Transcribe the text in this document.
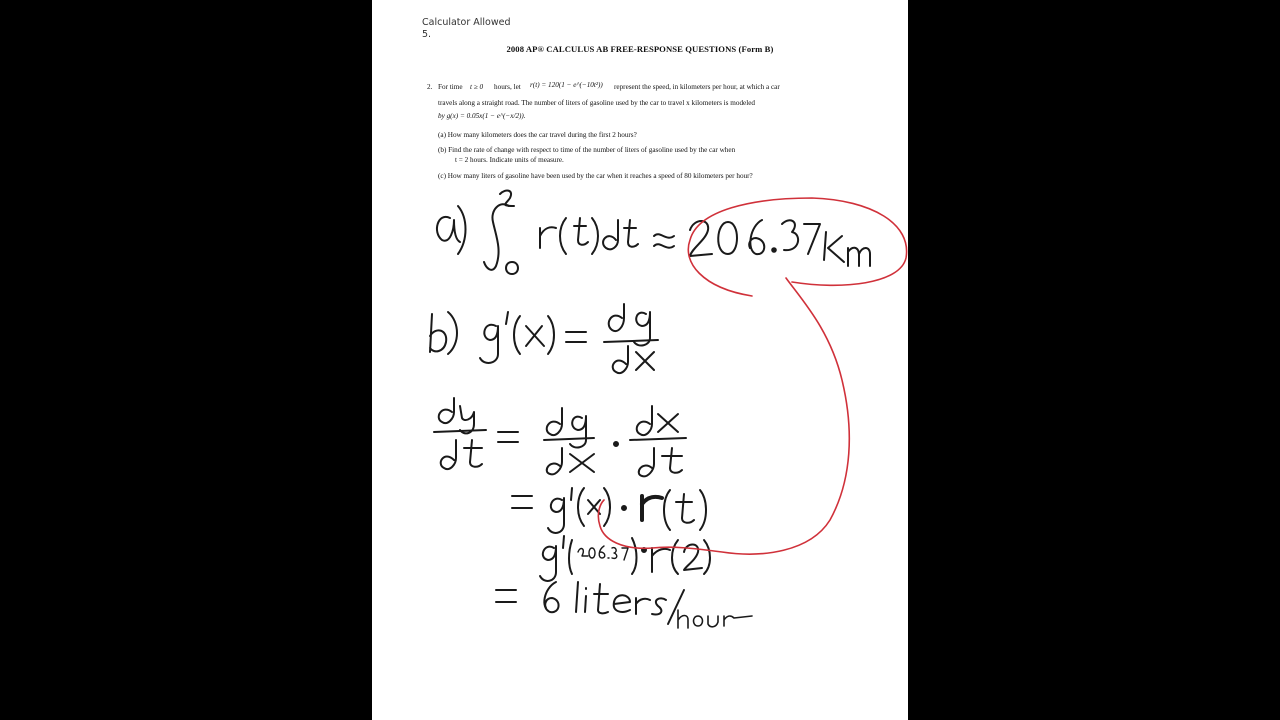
Calculator Allowed
5.
2008 AP® CALCULUS AB FREE-RESPONSE QUESTIONS (Form B)
2. For time t ≥ 0 hours, let r(t) = 120(1 − e^(−10t²)) represent the speed, in kilometers per hour, at which a car
travels along a straight road. The number of liters of gasoline used by the car to travel x kilometers is modeled
by g(x) = 0.05x(1 − e^(−x/2)).
(a) How many kilometers does the car travel during the first 2 hours?
(b) Find the rate of change with respect to time of the number of liters of gasoline used by the car when
t = 2 hours. Indicate units of measure.
(c) How many liters of gasoline have been used by the car when it reaches a speed of 80 kilometers per hour?
